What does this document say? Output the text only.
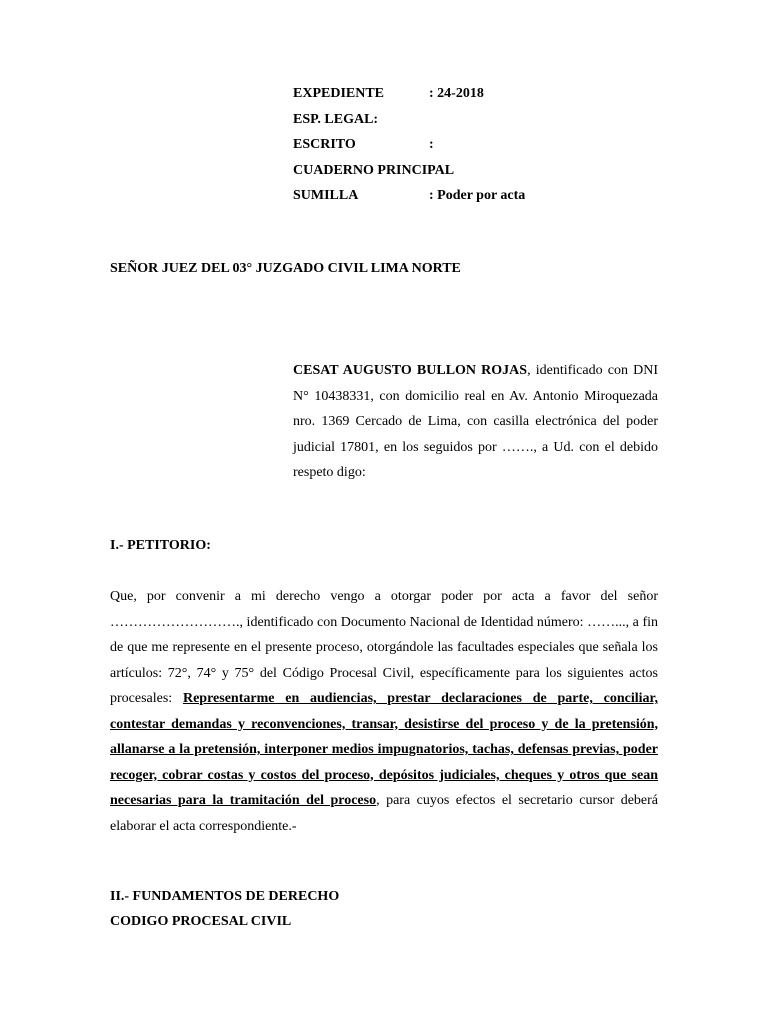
EXPEDIENTE	: 24-2018
ESP. LEGAL:
ESCRITO	:
CUADERNO PRINCIPAL
SUMILLA	: Poder por acta
SEÑOR JUEZ DEL 03° JUZGADO CIVIL LIMA NORTE
CESAT AUGUSTO BULLON ROJAS, identificado con DNI N° 10438331, con domicilio real en Av. Antonio Miroquezada nro. 1369 Cercado de Lima, con casilla electrónica del poder judicial 17801, en los seguidos por ……., a Ud. con el debido respeto digo:
I.- PETITORIO:
Que, por convenir a mi derecho vengo a otorgar poder por acta a favor del señor ………………………., identificado con Documento Nacional de Identidad número: ……..., a fin de que me represente en el presente proceso, otorgándole las facultades especiales que señala los artículos: 72°, 74° y 75° del Código Procesal Civil, específicamente para los siguientes actos procesales: Representarme en audiencias, prestar declaraciones de parte, conciliar, contestar demandas y reconvenciones, transar, desistirse del proceso y de la pretensión, allanarse a la pretensión, interponer medios impugnatorios, tachas, defensas previas, poder recoger, cobrar costas y costos del proceso, depósitos judiciales, cheques y otros que sean necesarias para la tramitación del proceso, para cuyos efectos el secretario cursor deberá elaborar el acta correspondiente.-
II.- FUNDAMENTOS DE DERECHO
CODIGO PROCESAL CIVIL
